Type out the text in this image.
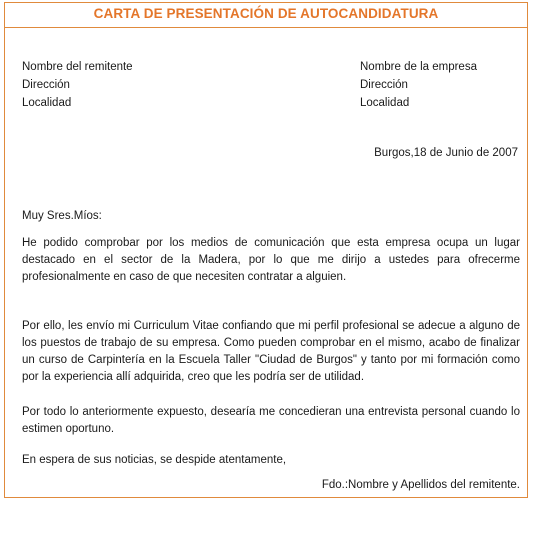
CARTA DE PRESENTACIÓN DE AUTOCANDIDATURA
Nombre del remitente
Dirección
Localidad
Nombre de la empresa
Dirección
Localidad
Burgos,18 de Junio de 2007
Muy Sres.Míos:

He podido comprobar por los medios de comunicación que esta empresa ocupa un lugar destacado en el sector de la Madera, por lo que me dirijo a ustedes para ofrecerme profesionalmente en caso de que necesiten contratar a alguien.

Por ello, les envío mi Curriculum Vitae confiando que mi perfil profesional se adecue a alguno de los puestos de trabajo de su empresa. Como pueden comprobar en el mismo, acabo de finalizar un curso de Carpintería en la Escuela Taller "Ciudad de Burgos" y tanto por mi formación como por la experiencia allí adquirida, creo que les podría ser de utilidad.

Por todo lo anteriormente expuesto, desearía me concedieran una entrevista personal cuando lo estimen oportuno.

En espera de sus noticias, se despide atentamente,

Fdo.:Nombre y Apellidos del remitente.
